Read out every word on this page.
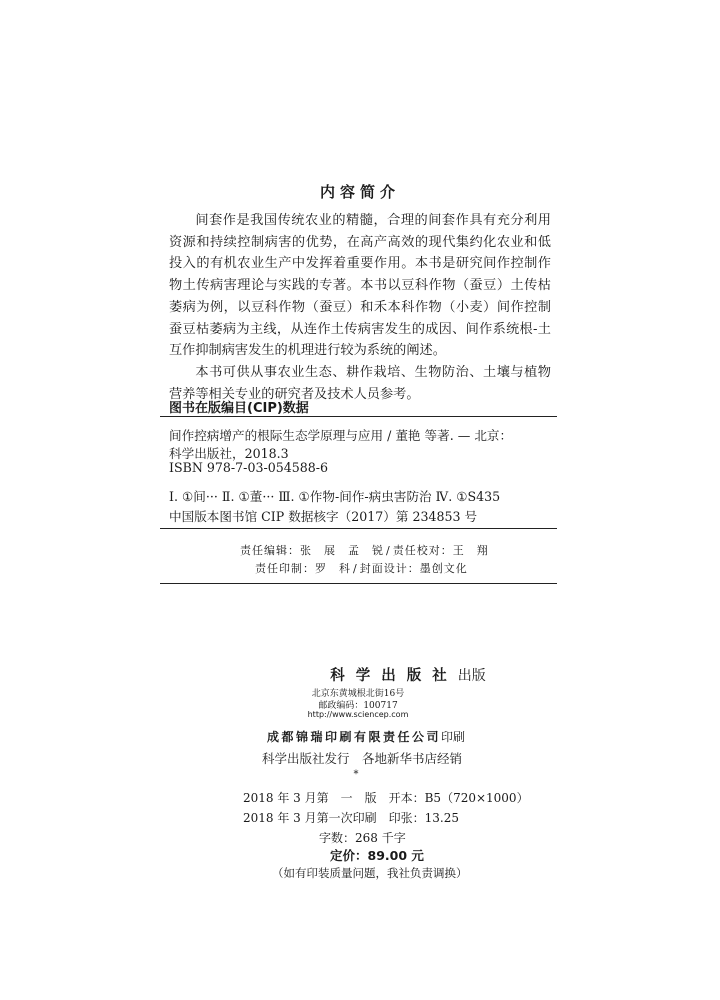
内容简介

间套作是我国传统农业的精髓，合理的间套作具有充分利用资源和持续控制病害的优势，在高产高效的现代集约化农业和低投入的有机农业生产中发挥着重要作用。本书是研究间作控制作物土传病害理论与实践的专著。本书以豆科作物（蚕豆）土传枯萎病为例，以豆科作物（蚕豆）和禾本科作物（小麦）间作控制蚕豆枯萎病为主线，从连作土传病害发生的成因、间作系统根-土互作抑制病害发生的机理进行较为系统的阐述。

本书可供从事农业生态、耕作栽培、生物防治、土壤与植物营养等相关专业的研究者及技术人员参考。

图书在版编目(CIP)数据
间作控病增产的根际生态学原理与应用 / 董艳 等著. — 北京：
科学出版社，2018.3
ISBN 978-7-03-054588-6
Ⅰ. ①间··· Ⅱ. ①董··· Ⅲ. ①作物-间作-病虫害防治 Ⅳ. ①S435
中国版本图书馆 CIP 数据核字（2017）第 234853 号
责任编辑：张　展　孟　锐 / 责任校对：王　翔
责任印制：罗　科 / 封面设计：墨创文化
科学出版社出版
北京东黄城根北街16号
邮政编码：100717
http://www.sciencep.com
成都锦瑞印刷有限责任公司印刷
科学出版社发行　各地新华书店经销
*
2018 年 3 月第　一　版　开本：B5（720×1000）
2018 年 3 月第一次印刷　印张：13.25
字数：268 千字
定价：89.00 元
（如有印装质量问题，我社负责调换）
